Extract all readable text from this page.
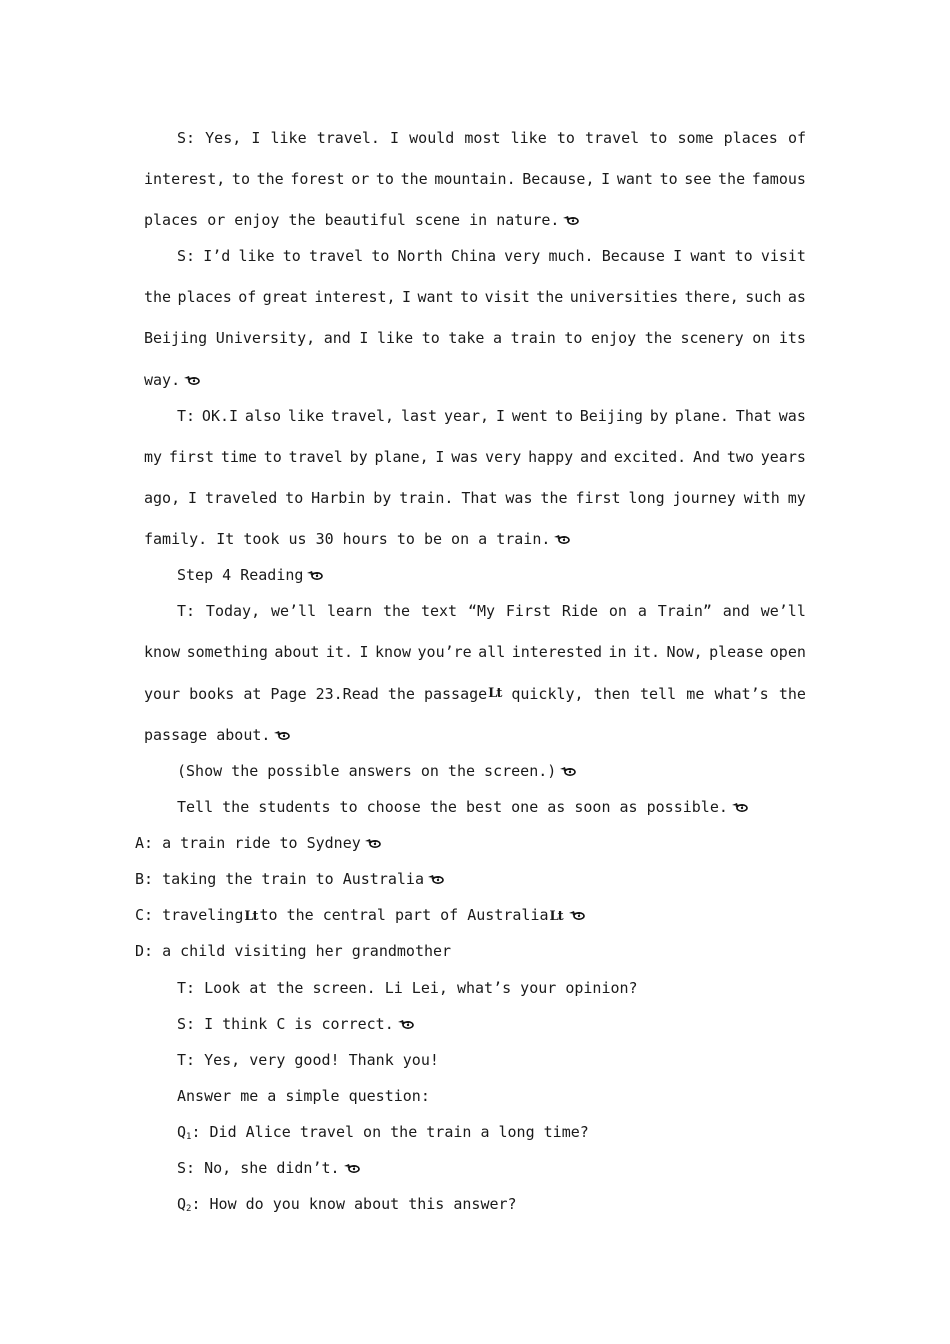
S: Yes, I like travel. I would most like to travel to some places of
interest, to the forest or to the mountain. Because, I want to see the famous
places or enjoy the beautiful scene in nature.
S: I’d like to travel to North China very much. Because I want to visit
the places of great interest, I want to visit the universities there, such as
Beijing University, and I like to take a train to enjoy the scenery on its
way.
T: OK.I also like travel, last year, I went to Beijing by plane. That was
my first time to travel by plane, I was very happy and excited. And two years
ago, I traveled to Harbin by train. That was the first long journey with my
family. It took us 30 hours to be on a train.
Step 4 Reading
T: Today, we’ll learn the text “My First Ride on a Train” and we’ll
know something about it. I know you’re all interested in it. Now, please open
your books at Page 23.Read the passage Lt quickly, then tell me what’s the
passage about.
(Show the possible answers on the screen.)
Tell the students to choose the best one as soon as possible.
A: a train ride to Sydney
B: taking the train to Australia
C: travelingLt to the central part of AustraliaLt
D: a child visiting her grandmother
T: Look at the screen. Li Lei, what’s your opinion?
S: I think C is correct.
T: Yes, very good! Thank you!
Answer me a simple question:
$Q_1$: Did Alice travel on the train a long time?
S: No, she didn’t.
$Q_2$: How do you know about this answer?
